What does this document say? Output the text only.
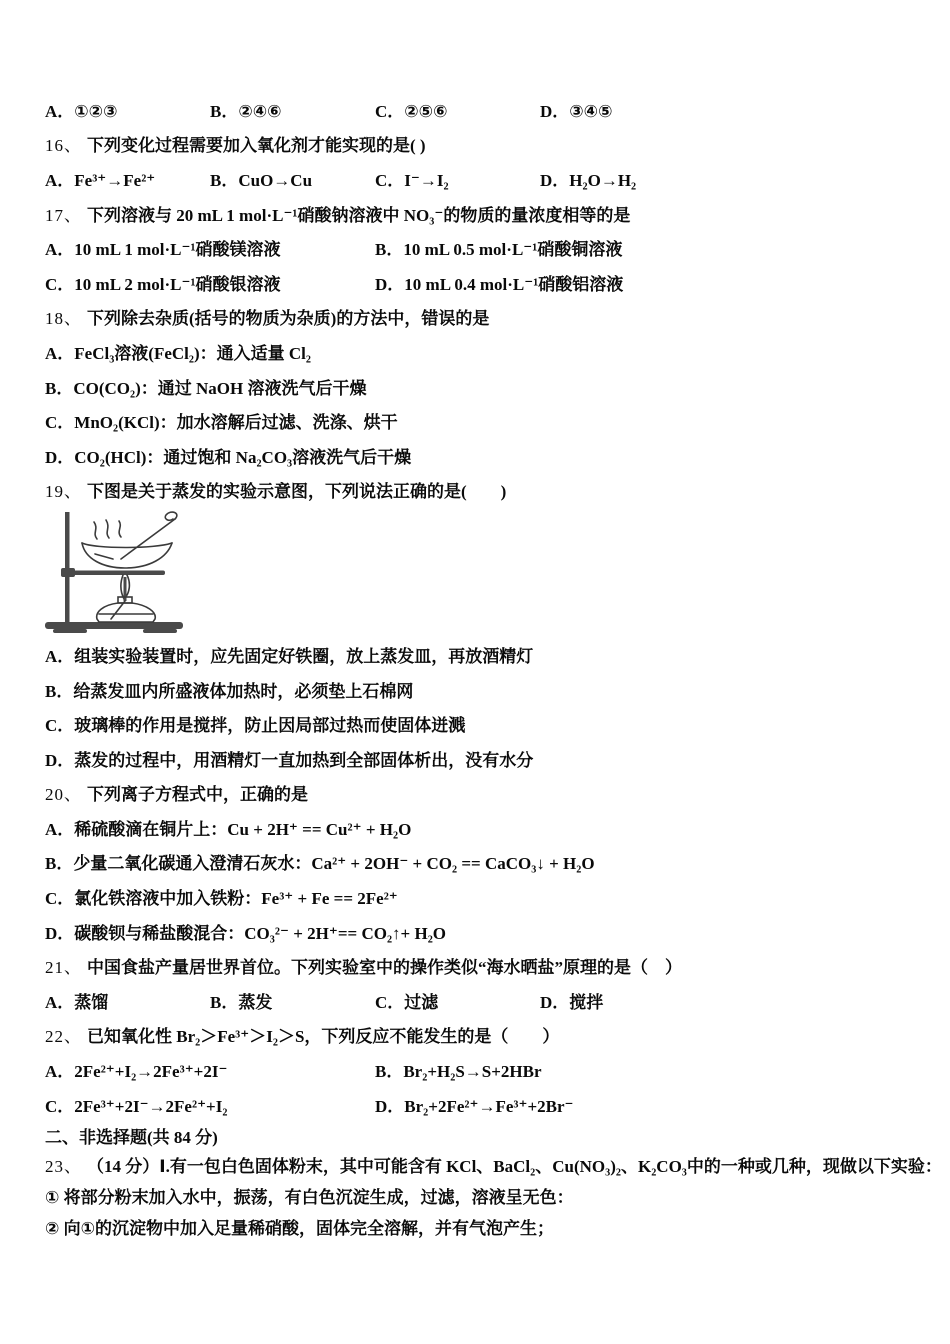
A．①②③	B．②④⑥	C．②⑤⑥	D．③④⑤
16、 下列变化过程需要加入氧化剂才能实现的是( )
A．Fe³⁺→Fe²⁺	B．CuO→Cu	C．I⁻→I₂	D．H₂O→H₂
17、 下列溶液与 20 mL 1 mol·L⁻¹硝酸钠溶液中 NO₃⁻的物质的量浓度相等的是
A．10 mL 1 mol·L⁻¹硝酸镁溶液	B．10 mL 0.5 mol·L⁻¹硝酸铜溶液
C．10 mL 2 mol·L⁻¹硝酸银溶液	D．10 mL 0.4 mol·L⁻¹硝酸铝溶液
18、 下列除去杂质(括号的物质为杂质)的方法中，错误的是
A．FeCl₃溶液(FeCl₂)：通入适量 Cl₂
B．CO(CO₂)：通过 NaOH 溶液洗气后干燥
C．MnO₂(KCl)：加水溶解后过滤、洗涤、烘干
D．CO₂(HCl)：通过饱和 Na₂CO₃溶液洗气后干燥
19、 下图是关于蒸发的实验示意图，下列说法正确的是(　　)
A．组装实验装置时，应先固定好铁圈，放上蒸发皿，再放酒精灯
B．给蒸发皿内所盛液体加热时，必须垫上石棉网
C．玻璃棒的作用是搅拌，防止因局部过热而使固体迸溅
D．蒸发的过程中，用酒精灯一直加热到全部固体析出，没有水分
20、 下列离子方程式中，正确的是
A．稀硫酸滴在铜片上：Cu + 2H⁺ == Cu²⁺ + H₂O
B．少量二氧化碳通入澄清石灰水：Ca²⁺ + 2OH⁻ + CO₂ == CaCO₃↓ + H₂O
C．氯化铁溶液中加入铁粉：Fe³⁺ + Fe == 2Fe²⁺
D．碳酸钡与稀盐酸混合：CO₃²⁻ + 2H⁺== CO₂↑+ H₂O
21、 中国食盐产量居世界首位。下列实验室中的操作类似“海水晒盐”原理的是（　）
A．蒸馏	B．蒸发	C．过滤	D．搅拌
22、 已知氧化性 Br₂＞Fe³⁺＞I₂＞S，下列反应不能发生的是（　　）
A．2Fe²⁺+I₂→2Fe³⁺+2I⁻	B．Br₂+H₂S→S+2HBr
C．2Fe³⁺+2I⁻→2Fe²⁺+I₂	D．Br₂+2Fe²⁺→Fe³⁺+2Br⁻
二、非选择题(共 84 分)
23、 （14 分）Ⅰ.有一包白色固体粉末，其中可能含有 KCl、BaCl₂、Cu(NO₃)₂、K₂CO₃中的一种或几种，现做以下实验：
① 将部分粉末加入水中，振荡，有白色沉淀生成，过滤，溶液呈无色：
② 向①的沉淀物中加入足量稀硝酸，固体完全溶解，并有气泡产生；
